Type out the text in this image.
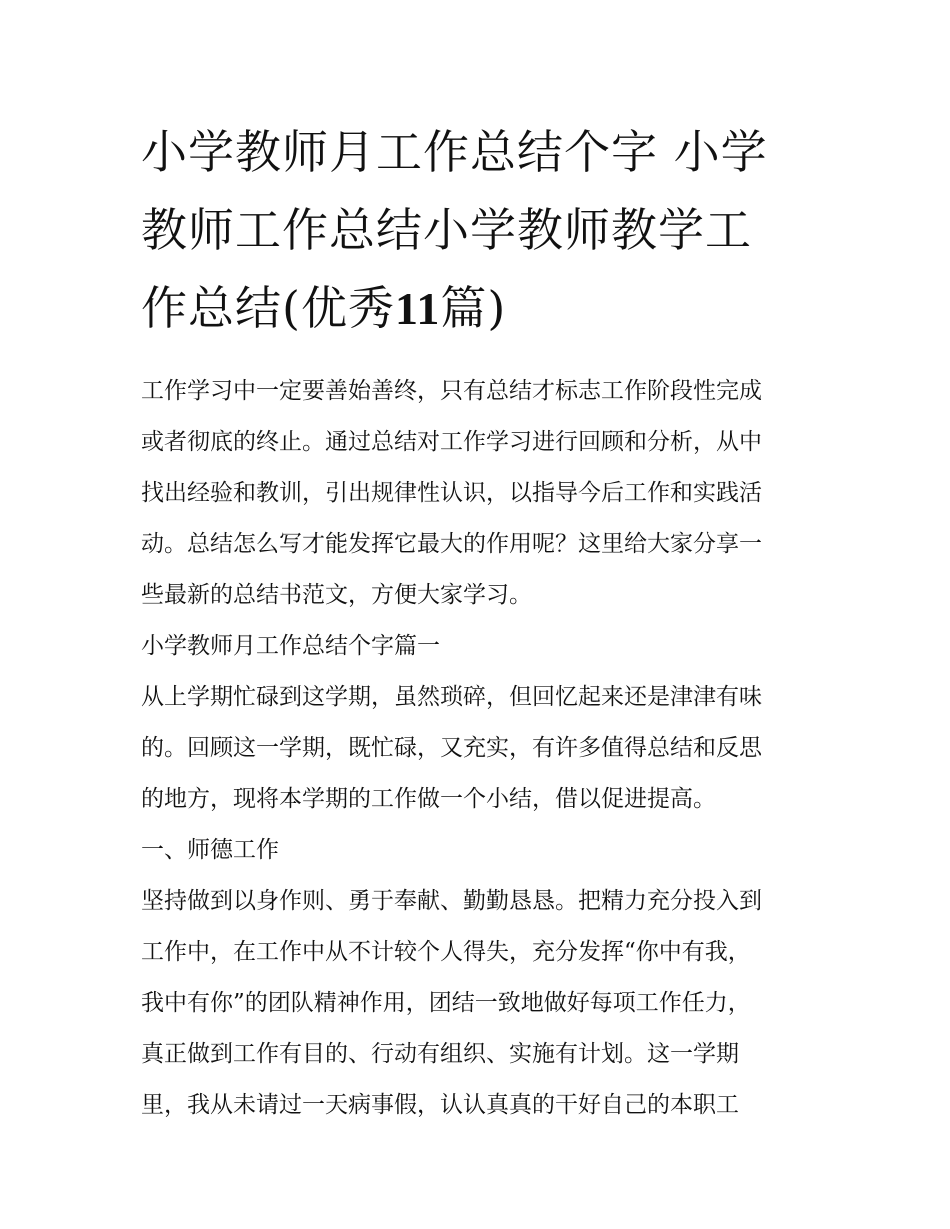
小学教师月工作总结个字 小学
教师工作总结小学教师教学工
作总结(优秀11篇)

工作学习中一定要善始善终，只有总结才标志工作阶段性完成
或者彻底的终止。通过总结对工作学习进行回顾和分析，从中
找出经验和教训，引出规律性认识，以指导今后工作和实践活
动。总结怎么写才能发挥它最大的作用呢？这里给大家分享一
些最新的总结书范文，方便大家学习。

小学教师月工作总结个字篇一

从上学期忙碌到这学期，虽然琐碎，但回忆起来还是津津有味
的。回顾这一学期，既忙碌，又充实，有许多值得总结和反思
的地方，现将本学期的工作做一个小结，借以促进提高。

一、师德工作

坚持做到以身作则、勇于奉献、勤勤恳恳。把精力充分投入到
工作中，在工作中从不计较个人得失，充分发挥“你中有我，
我中有你”的团队精神作用，团结一致地做好每项工作任力，
真正做到工作有目的、行动有组织、实施有计划。这一学期
里，我从未请过一天病事假，认认真真的干好自己的本职工
